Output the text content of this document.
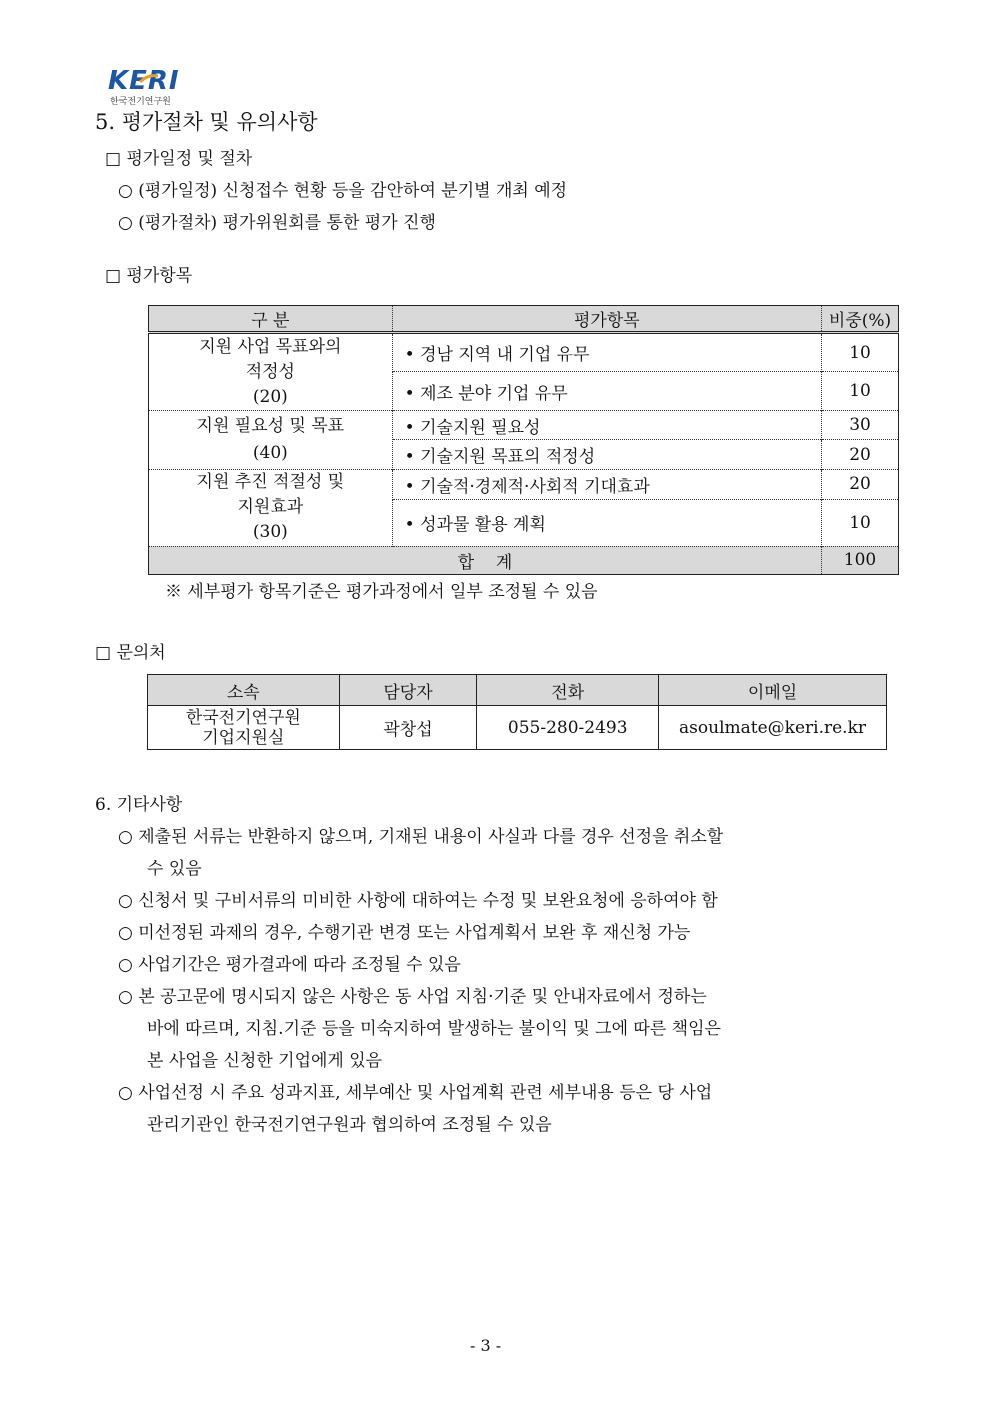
KERI
한국전기연구원
5. 평가절차 및 유의사항
□ 평가일정 및 절차
○ (평가일정) 신청접수 현황 등을 감안하여 분기별 개최 예정
○ (평가절차) 평가위원회를 통한 평가 진행
□ 평가항목
구 분	평가항목	비중(%)

지원 사업 목표와의
적정성
(20)	• 경남 지역 내 기업 유무	10
	• 제조 분야 기업 유무	10

지원 필요성 및 목표
(40)	• 기술지원 필요성	30
	• 기술지원 목표의 적정성	20

지원 추진 적절성 및
지원효과
(30)	• 기술적·경제적·사회적 기대효과	20
	• 성과물 활용 계획	10
합    계		100
※ 세부평가 항목기준은 평가과정에서 일부 조정될 수 있음
□ 문의처
소속	담당자	전화	이메일

한국전기연구원
기업지원실	곽창섭	055-280-2493	asoulmate@keri.re.kr
6. 기타사항
○ 제출된 서류는 반환하지 않으며, 기재된 내용이 사실과 다를 경우 선정을 취소할
수 있음
○ 신청서 및 구비서류의 미비한 사항에 대하여는 수정 및 보완요청에 응하여야 함
○ 미선정된 과제의 경우, 수행기관 변경 또는 사업계획서 보완 후 재신청 가능
○ 사업기간은 평가결과에 따라 조정될 수 있음
○ 본 공고문에 명시되지 않은 사항은 동 사업 지침·기준 및 안내자료에서 정하는
바에 따르며, 지침.기준 등을 미숙지하여 발생하는 불이익 및 그에 따른 책임은
본 사업을 신청한 기업에게 있음
○ 사업선정 시 주요 성과지표, 세부예산 및 사업계획 관련 세부내용 등은 당 사업
관리기관인 한국전기연구원과 협의하여 조정될 수 있음
- 3 -
